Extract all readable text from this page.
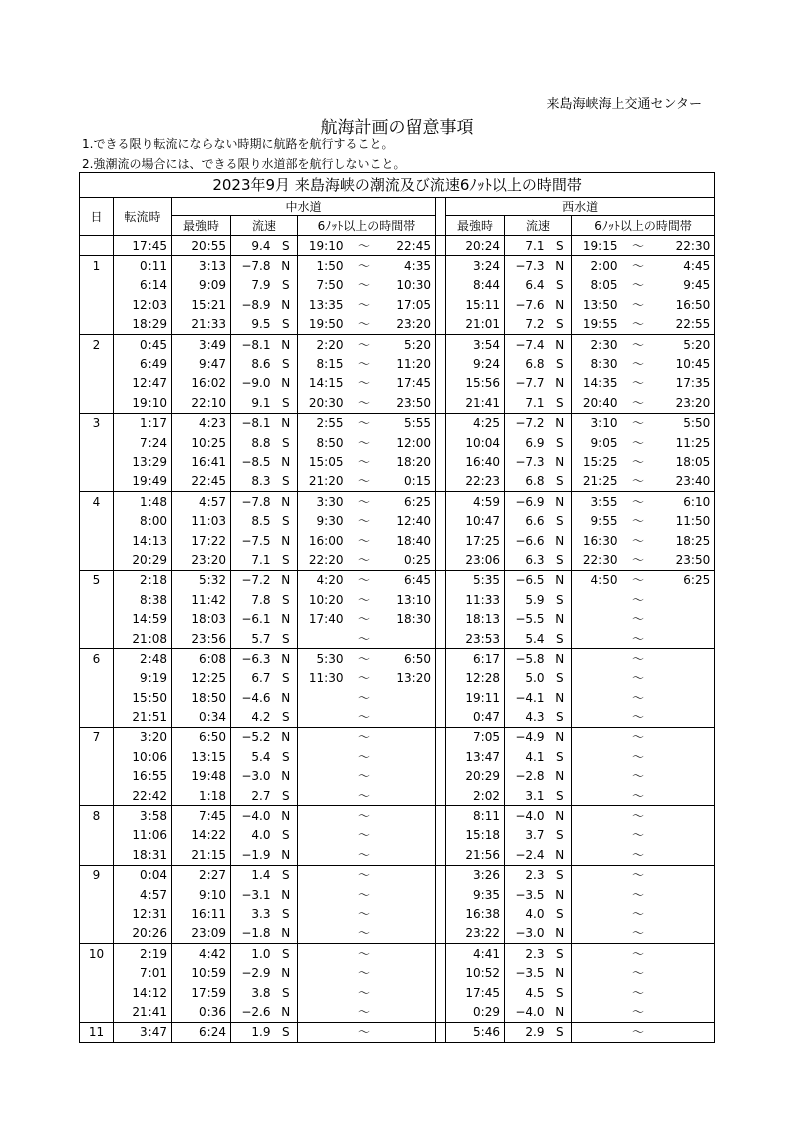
来島海峡海上交通センター
航海計画の留意事項
1.できる限り転流にならない時期に航路を航行すること。
2.強潮流の場合には、できる限り水道部を航行しないこと。
2023年9月 来島海峡の潮流及び流速6ﾉｯﾄ以上の時間帯														
日	転流時	中水道							西水道					
		最強時	流速		6ﾉｯﾄ以上の時間帯				最強時	流速		6ﾉｯﾄ以上の時間帯		
	17:45	20:55	9.4	S	19:10	～	22:45		20:24	7.1	S	19:15	～	22:30
1	0:11	3:13	−7.8	N	1:50	～	4:35		3:24	−7.3	N	2:00	～	4:45
	6:14	9:09	7.9	S	7:50	～	10:30		8:44	6.4	S	8:05	～	9:45
	12:03	15:21	−8.9	N	13:35	～	17:05		15:11	−7.6	N	13:50	～	16:50
	18:29	21:33	9.5	S	19:50	～	23:20		21:01	7.2	S	19:55	～	22:55
2	0:45	3:49	−8.1	N	2:20	～	5:20		3:54	−7.4	N	2:30	～	5:20
	6:49	9:47	8.6	S	8:15	～	11:20		9:24	6.8	S	8:30	～	10:45
	12:47	16:02	−9.0	N	14:15	～	17:45		15:56	−7.7	N	14:35	～	17:35
	19:10	22:10	9.1	S	20:30	～	23:50		21:41	7.1	S	20:40	～	23:20
3	1:17	4:23	−8.1	N	2:55	～	5:55		4:25	−7.2	N	3:10	～	5:50
	7:24	10:25	8.8	S	8:50	～	12:00		10:04	6.9	S	9:05	～	11:25
	13:29	16:41	−8.5	N	15:05	～	18:20		16:40	−7.3	N	15:25	～	18:05
	19:49	22:45	8.3	S	21:20	～	0:15		22:23	6.8	S	21:25	～	23:40
4	1:48	4:57	−7.8	N	3:30	～	6:25		4:59	−6.9	N	3:55	～	6:10
	8:00	11:03	8.5	S	9:30	～	12:40		10:47	6.6	S	9:55	～	11:50
	14:13	17:22	−7.5	N	16:00	～	18:40		17:25	−6.6	N	16:30	～	18:25
	20:29	23:20	7.1	S	22:20	～	0:25		23:06	6.3	S	22:30	～	23:50
5	2:18	5:32	−7.2	N	4:20	～	6:45		5:35	−6.5	N	4:50	～	6:25
	8:38	11:42	7.8	S	10:20	～	13:10		11:33	5.9	S		～	
	14:59	18:03	−6.1	N	17:40	～	18:30		18:13	−5.5	N		～	
	21:08	23:56	5.7	S		～			23:53	5.4	S		～	
6	2:48	6:08	−6.3	N	5:30	～	6:50		6:17	−5.8	N		～	
	9:19	12:25	6.7	S	11:30	～	13:20		12:28	5.0	S		～	
	15:50	18:50	−4.6	N		～			19:11	−4.1	N		～	
	21:51	0:34	4.2	S		～			0:47	4.3	S		～	
7	3:20	6:50	−5.2	N		～			7:05	−4.9	N		～	
	10:06	13:15	5.4	S		～			13:47	4.1	S		～	
	16:55	19:48	−3.0	N		～			20:29	−2.8	N		～	
	22:42	1:18	2.7	S		～			2:02	3.1	S		～	
8	3:58	7:45	−4.0	N		～			8:11	−4.0	N		～	
	11:06	14:22	4.0	S		～			15:18	3.7	S		～	
	18:31	21:15	−1.9	N		～			21:56	−2.4	N		～	
9	0:04	2:27	1.4	S		～			3:26	2.3	S		～	
	4:57	9:10	−3.1	N		～			9:35	−3.5	N		～	
	12:31	16:11	3.3	S		～			16:38	4.0	S		～	
	20:26	23:09	−1.8	N		～			23:22	−3.0	N		～	
10	2:19	4:42	1.0	S		～			4:41	2.3	S		～	
	7:01	10:59	−2.9	N		～			10:52	−3.5	N		～	
	14:12	17:59	3.8	S		～			17:45	4.5	S		～	
	21:41	0:36	−2.6	N		～			0:29	−4.0	N		～	
11	3:47	6:24	1.9	S		～			5:46	2.9	S		～	
